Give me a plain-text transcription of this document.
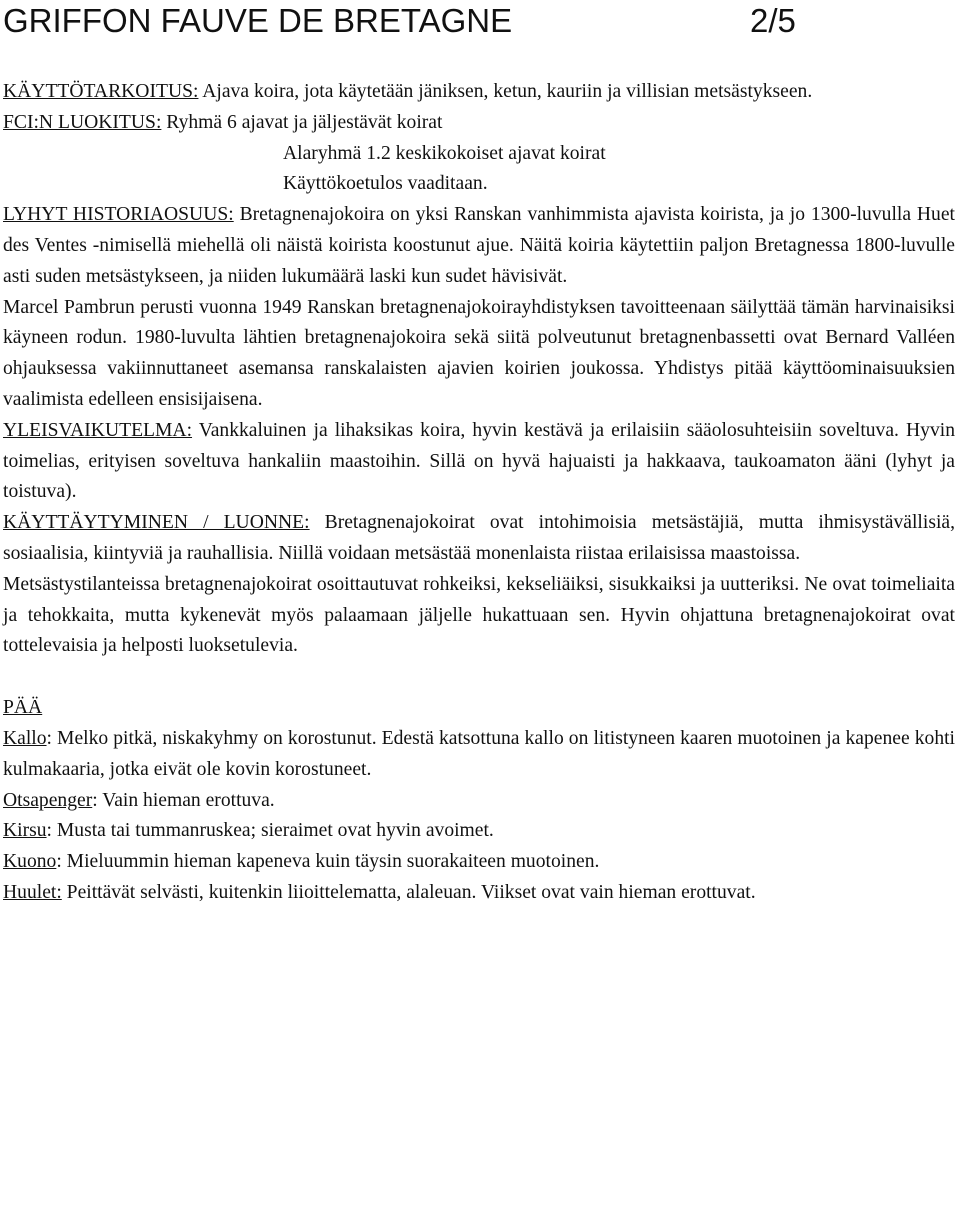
GRIFFON FAUVE DE BRETAGNE	2/5
KÄYTTÖTARKOITUS: Ajava koira, jota käytetään jäniksen, ketun, kauriin ja villisian metsästykseen.
FCI:N LUOKITUS: Ryhmä 6 ajavat ja jäljestävät koirat
Alaryhmä 1.2 keskikokoiset ajavat koirat
Käyttökoetulos vaaditaan.
LYHYT HISTORIAOSUUS: Bretagnenajokoira on yksi Ranskan vanhimmista ajavista koirista, ja jo 1300-luvulla Huet des Ventes -nimisellä miehellä oli näistä koirista koostunut ajue. Näitä koiria käytettiin paljon Bretagnessa 1800-luvulle asti suden metsästykseen, ja niiden lukumäärä laski kun sudet hävisivät.
Marcel Pambrun perusti vuonna 1949 Ranskan bretagnenajokoirayhdistyksen tavoitteenaan säilyttää tämän harvinaisiksi käyneen rodun. 1980-luvulta lähtien bretagnenajokoira sekä siitä polveutunut bretagnenbassetti ovat Bernard Valléen ohjauksessa vakiinnuttaneet asemansa ranskalaisten ajavien koirien joukossa. Yhdistys pitää käyttöominaisuuksien vaalimista edelleen ensisijaisena.
YLEISVAIKUTELMA: Vankkaluinen ja lihaksikas koira, hyvin kestävä ja erilaisiin sääolosuhteisiin soveltuva. Hyvin toimelias, erityisen soveltuva hankaliin maastoihin. Sillä on hyvä hajuaisti ja hakkaava, taukoamaton ääni (lyhyt ja toistuva).
KÄYTTÄYTYMINEN / LUONNE: Bretagnenajokoirat ovat intohimoisia metsästäjiä, mutta ihmisystävällisiä, sosiaalisia, kiintyviä ja rauhallisia. Niillä voidaan metsästää monenlaista riistaa erilaisissa maastoissa.
Metsästystilanteissa bretagnenajokoirat osoittautuvat rohkeiksi, kekseliäiksi, sisukkaiksi ja uutteriksi. Ne ovat toimeliaita ja tehokkaita, mutta kykenevät myös palaamaan jäljelle hukattuaan sen. Hyvin ohjattuna bretagnenajokoirat ovat tottelevaisia ja helposti luoksetulevia.
PÄÄ
Kallo: Melko pitkä, niskakyhmy on korostunut. Edestä katsottuna kallo on litistyneen kaaren muotoinen ja kapenee kohti kulmakaaria, jotka eivät ole kovin korostuneet.
Otsapenger: Vain hieman erottuva.
Kirsu: Musta tai tummanruskea; sieraimet ovat hyvin avoimet.
Kuono: Mieluummin hieman kapeneva kuin täysin suorakaiteen muotoinen.
Huulet: Peittävät selvästi, kuitenkin liioittelematta, alaleuan. Viikset ovat vain hieman erottuvat.
